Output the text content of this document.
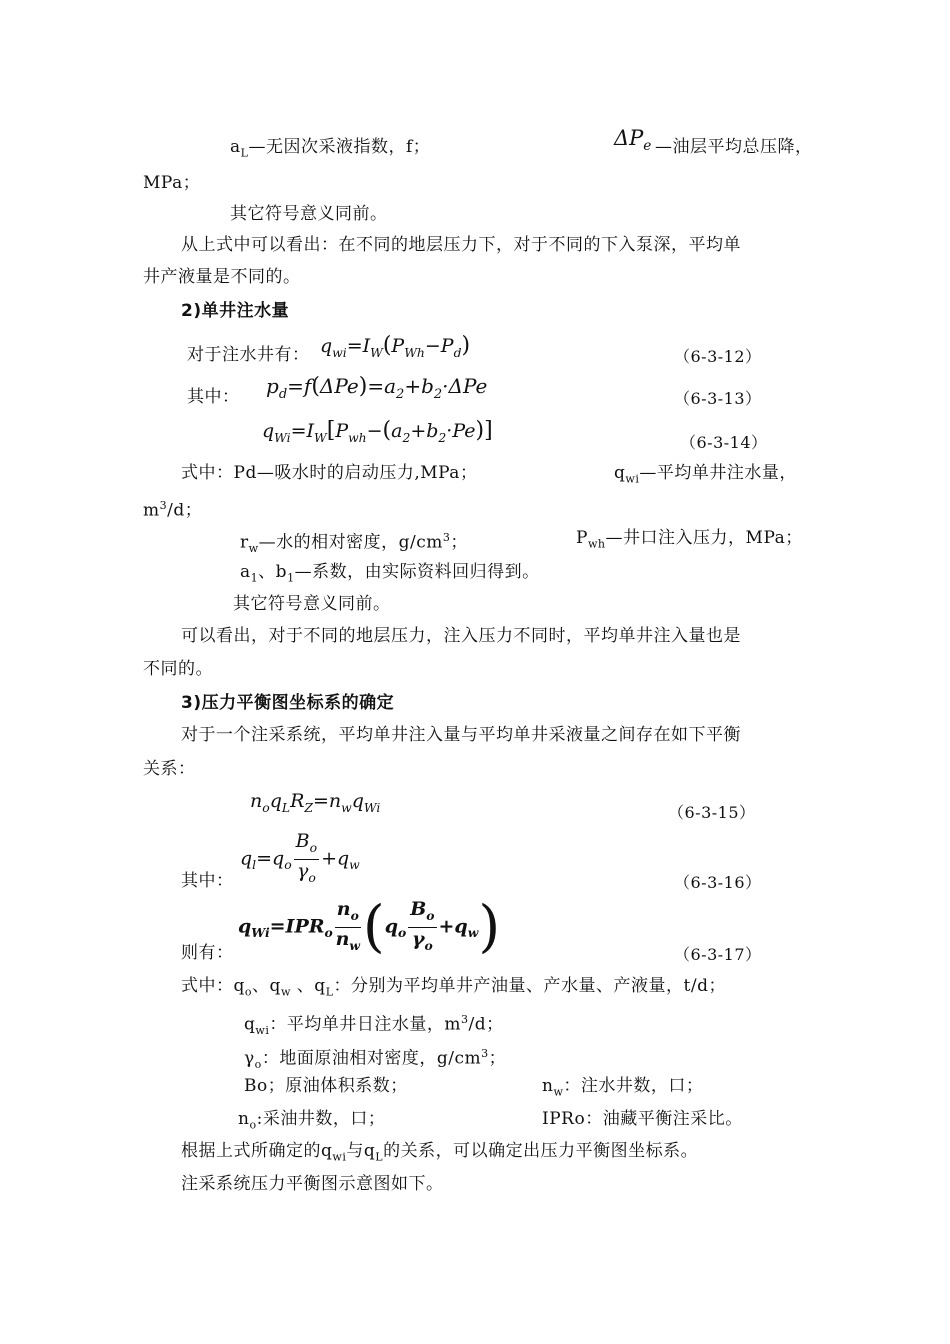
$a_L—$无因次采液指数，f；	$\Delta P_e$ —油层平均总压降，
MPa；
其它符号意义同前。
从上式中可以看出：在不同的地层压力下，对于不同的下入泵深，平均单
井产液量是不同的。
2)单井注水量
对于注水井有： $q_{wi}=I_W(P_{Wh}-P_d)$	（6-3-12）
其中： $p_d=f(\Delta Pe)=a_2+b_2\cdot\Delta Pe$
（6-3-13）
$q_{Wi}=I_W[P_{wh}-(a_2+b_2\cdot Pe)]$	（6-3-14）
式中：Pd—吸水时的启动压力,MPa；	$q_{wi}—$平均单井注水量，
$m^3/d$；
$r_w—$水的相对密度，$g/cm^3$；	$P_{wh}—$井口注入压力，MPa；
$a_1$、$b_1—$系数，由实际资料回归得到。
其它符号意义同前。
可以看出，对于不同的地层压力，注入压力不同时，平均单井注入量也是
不同的。
3)压力平衡图坐标系的确定
对于一个注采系统，平均单井注入量与平均单井采液量之间存在如下平衡
关系：
$n_oq_LR_Z=n_wq_{Wi}$	（6-3-15）
其中：
$q_l=q_o \frac{B_o}{\gamma_o} +q_w$
（6-3-16）
则有：
$q_{Wi}=IPR_o \frac{n_o}{n_w} (q_o \frac{B_o}{\gamma_o} +q_w)$	（6-3-17）
式中：$q_o$、$q_w$ 、$q_L$：分别为平均单井产油量、产水量、产液量，t/d；
$q_{wi}$：平均单井日注水量，$m^3/d$；
$\gamma_o$：地面原油相对密度，$g/cm^3$；
Bo；原油体积系数；	$n_w$：注水井数，口；
$n_o$:采油井数，口；	IPRo：油藏平衡注采比。
根据上式所确定的$q_{wi}$与$q_L$的关系，可以确定出压力平衡图坐标系。
注采系统压力平衡图示意图如下。
